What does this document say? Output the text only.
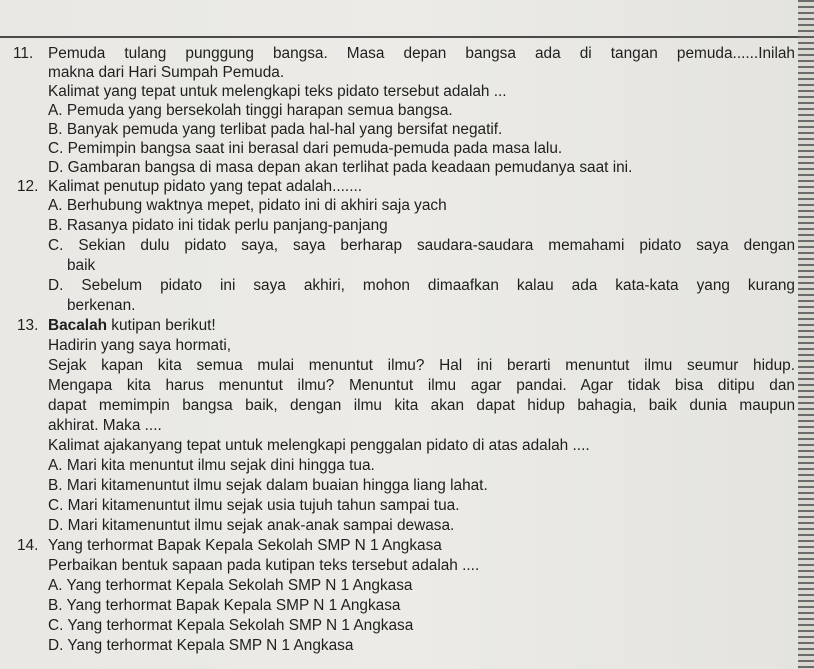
11. Pemuda tulang punggung bangsa. Masa depan bangsa ada di tangan pemuda......Inilah
makna dari Hari Sumpah Pemuda.
Kalimat yang tepat untuk melengkapi teks pidato tersebut adalah ...
A. Pemuda yang bersekolah tinggi harapan semua bangsa.
B. Banyak pemuda yang terlibat pada hal-hal yang bersifat negatif.
C. Pemimpin bangsa saat ini berasal dari pemuda-pemuda pada masa lalu.
D. Gambaran bangsa di masa depan akan terlihat pada keadaan pemudanya saat ini.
12. Kalimat penutup pidato yang tepat adalah.......
A. Berhubung waktnya mepet, pidato ini di akhiri saja yach
B. Rasanya pidato ini tidak perlu panjang-panjang
C. Sekian dulu pidato saya, saya berharap saudara-saudara memahami pidato saya dengan
baik
D. Sebelum pidato ini saya akhiri, mohon dimaafkan kalau ada kata-kata yang kurang
berkenan.
13. Bacalah kutipan berikut!
Hadirin yang saya hormati,
Sejak kapan kita semua mulai menuntut ilmu? Hal ini berarti menuntut ilmu seumur hidup.
Mengapa kita harus menuntut ilmu? Menuntut ilmu agar pandai. Agar tidak bisa ditipu dan
dapat memimpin bangsa baik, dengan ilmu kita akan dapat hidup bahagia, baik dunia maupun
akhirat. Maka ....
Kalimat ajakanyang tepat untuk melengkapi penggalan pidato di atas adalah ....
A. Mari kita menuntut ilmu sejak dini hingga tua.
B. Mari kitamenuntut ilmu sejak dalam buaian hingga liang lahat.
C. Mari kitamenuntut ilmu sejak usia tujuh tahun sampai tua.
D. Mari kitamenuntut ilmu sejak anak-anak sampai dewasa.
14. Yang terhormat Bapak Kepala Sekolah SMP N 1 Angkasa
Perbaikan bentuk sapaan pada kutipan teks tersebut adalah ....
A. Yang terhormat Kepala Sekolah SMP N 1 Angkasa
B. Yang terhormat Bapak Kepala SMP N 1 Angkasa
C. Yang terhormat Kepala Sekolah SMP N 1 Angkasa
D. Yang terhormat Kepala SMP N 1 Angkasa
